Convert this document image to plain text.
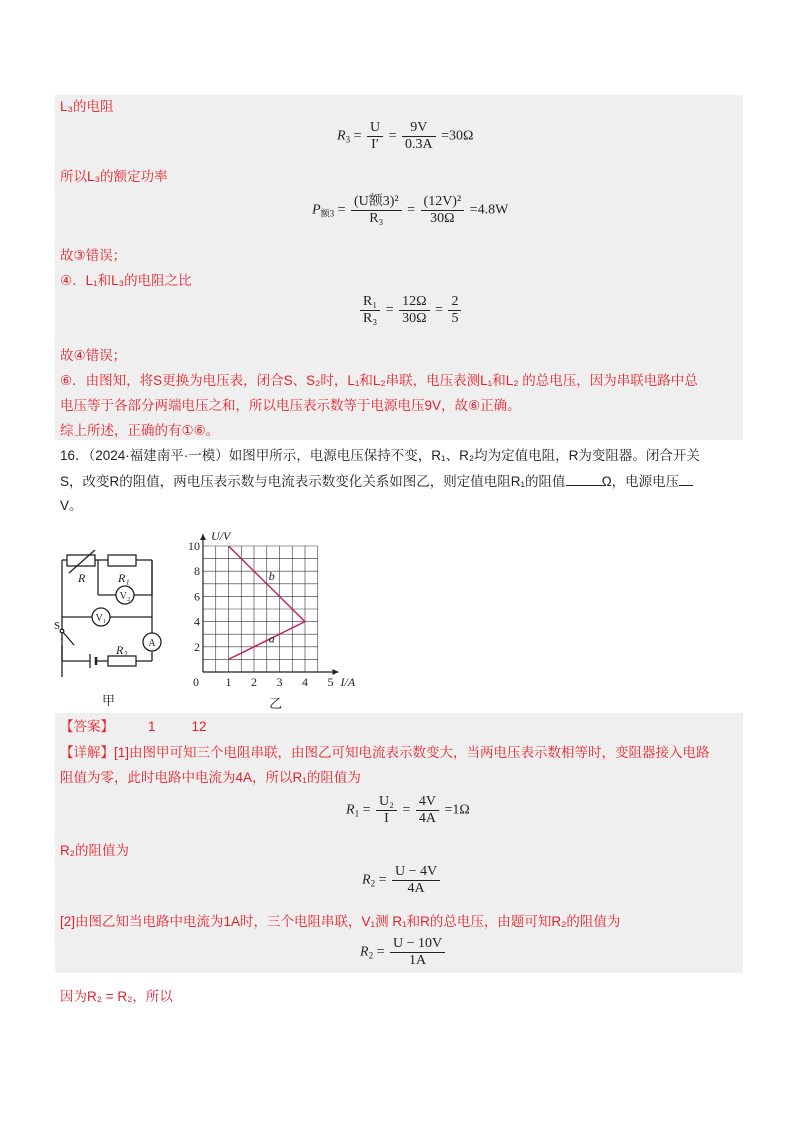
L₃的电阻
$R_3 = \frac{U}{I'} = \frac{9V}{0.3A} =30\Omega$
所以L₃的额定功率
$P_{额3} = \frac{\text{(U额3)²}}{\text{R₃}} = \frac{\text{(12V)²}}{30\Omega} =4.8W$
故③错误；
④．L₁和L₃的电阻之比
$\frac{\text{R₁}}{\text{R₃}} = \frac{12\Omega}{30\Omega} = \frac{2}{5}$
故④错误；
⑥．由图知，将S更换为电压表，闭合S、S₂时，L₁和L₂串联，电压表测L₁和L₂ 的总电压，因为串联电路中总
电压等于各部分两端电压之和，所以电压表示数等于电源电压9V，故⑥正确。
综上所述，正确的有①⑥。
16．（2024·福建南平·一模）如图甲所示，电源电压保持不变，R₁、R₂均为定值电阻，R为变阻器。闭合开关
S，改变R的阻值，两电压表示数与电流表示数变化关系如图乙，则定值电阻R₁的阻值	Ω，电源电压
V。
R	R₁
V₂
V₁
S
A
R₂
甲
0 1 2 3 4 5
2
4
6
8
10
U/V
I/A
b
a
乙
【答案】	1	12
【详解】[1]由图甲可知三个电阻串联，由图乙可知电流表示数变大，当两电压表示数相等时，变阻器接入电路
阻值为零，此时电路中电流为4A，所以R₁的阻值为
$R_1 = \frac{\text{U₂}}{I} = \frac{4V}{4A} =1\Omega$
R₂的阻值为
$R_2 = \frac{U - 4V}{4A}$
[2]由图乙知当电路中电流为1A时，三个电阻串联，V₁测 R₁和R的总电压，由题可知R₂的阻值为
$R_2 = \frac{U - 10V}{1A}$
因为R₂ = R₂，所以
